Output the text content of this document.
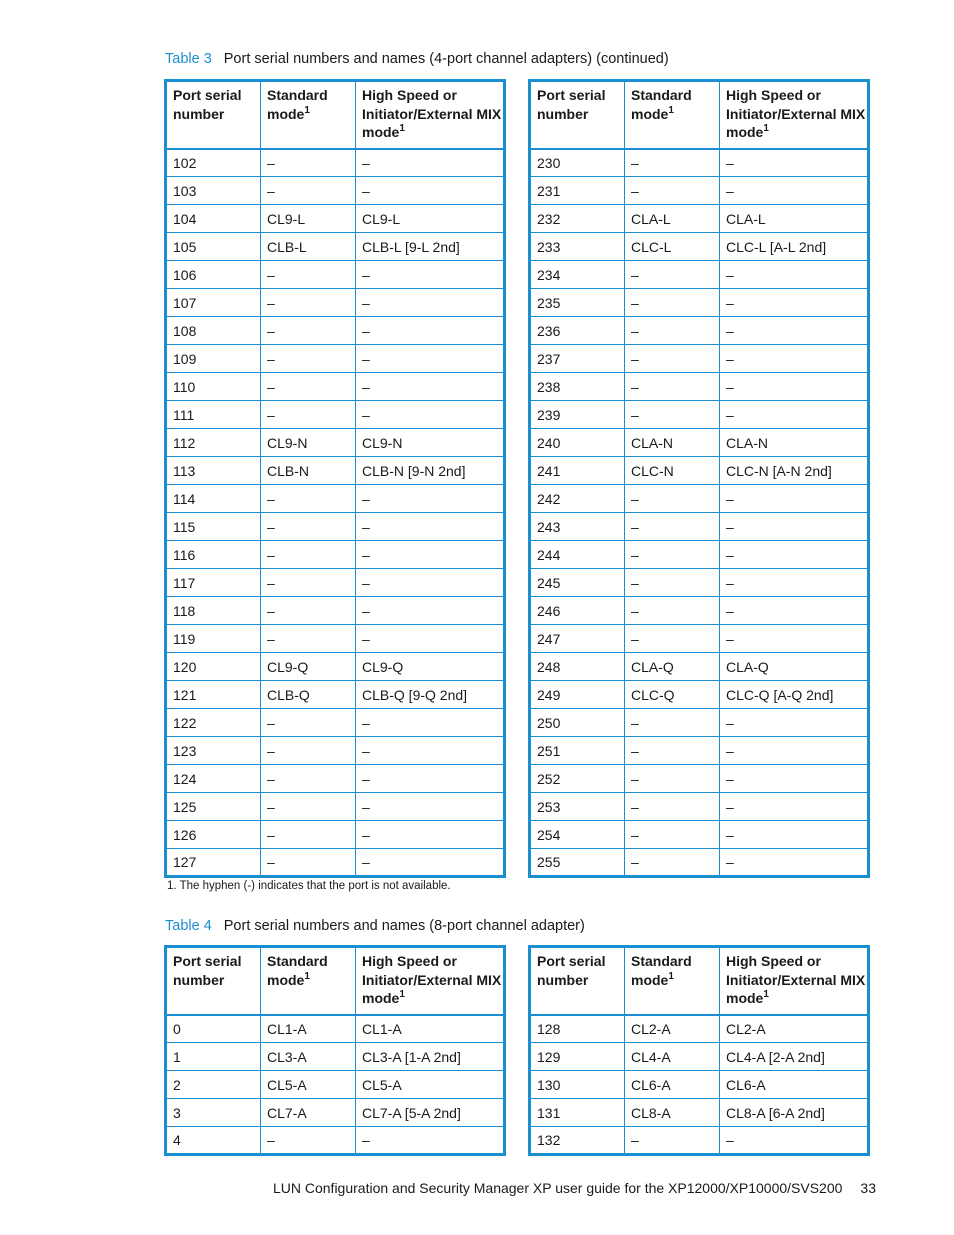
Table 3 Port serial numbers and names (4-port channel adapters) (continued)
Port serial number	Standard mode$^1$	High Speed or Initiator/External MIX mode$^1$
102	–	–
103	–	–
104	CL9-L	CL9-L
105	CLB-L	CLB-L [9-L 2nd]
106	–	–
107	–	–
108	–	–
109	–	–
110	–	–
111	–	–
112	CL9-N	CL9-N
113	CLB-N	CLB-N [9-N 2nd]
114	–	–
115	–	–
116	–	–
117	–	–
118	–	–
119	–	–
120	CL9-Q	CL9-Q
121	CLB-Q	CLB-Q [9-Q 2nd]
122	–	–
123	–	–
124	–	–
125	–	–
126	–	–
127	–	–
Port serial number	Standard mode$^1$	High Speed or Initiator/External MIX mode$^1$
230	–	–
231	–	–
232	CLA-L	CLA-L
233	CLC-L	CLC-L [A-L 2nd]
234	–	–
235	–	–
236	–	–
237	–	–
238	–	–
239	–	–
240	CLA-N	CLA-N
241	CLC-N	CLC-N [A-N 2nd]
242	–	–
243	–	–
244	–	–
245	–	–
246	–	–
247	–	–
248	CLA-Q	CLA-Q
249	CLC-Q	CLC-Q [A-Q 2nd]
250	–	–
251	–	–
252	–	–
253	–	–
254	–	–
255	–	–
1. The hyphen (-) indicates that the port is not available.
Table 4 Port serial numbers and names (8-port channel adapter)
Port serial number	Standard mode$^1$	High Speed or Initiator/External MIX mode$^1$
0	CL1-A	CL1-A
1	CL3-A	CL3-A [1-A 2nd]
2	CL5-A	CL5-A
3	CL7-A	CL7-A [5-A 2nd]
4	–	–
Port serial number	Standard mode$^1$	High Speed or Initiator/External MIX mode$^1$
128	CL2-A	CL2-A
129	CL4-A	CL4-A [2-A 2nd]
130	CL6-A	CL6-A
131	CL8-A	CL8-A [6-A 2nd]
132	–	–
LUN Configuration and Security Manager XP user guide for the XP12000/XP10000/SVS200 33
